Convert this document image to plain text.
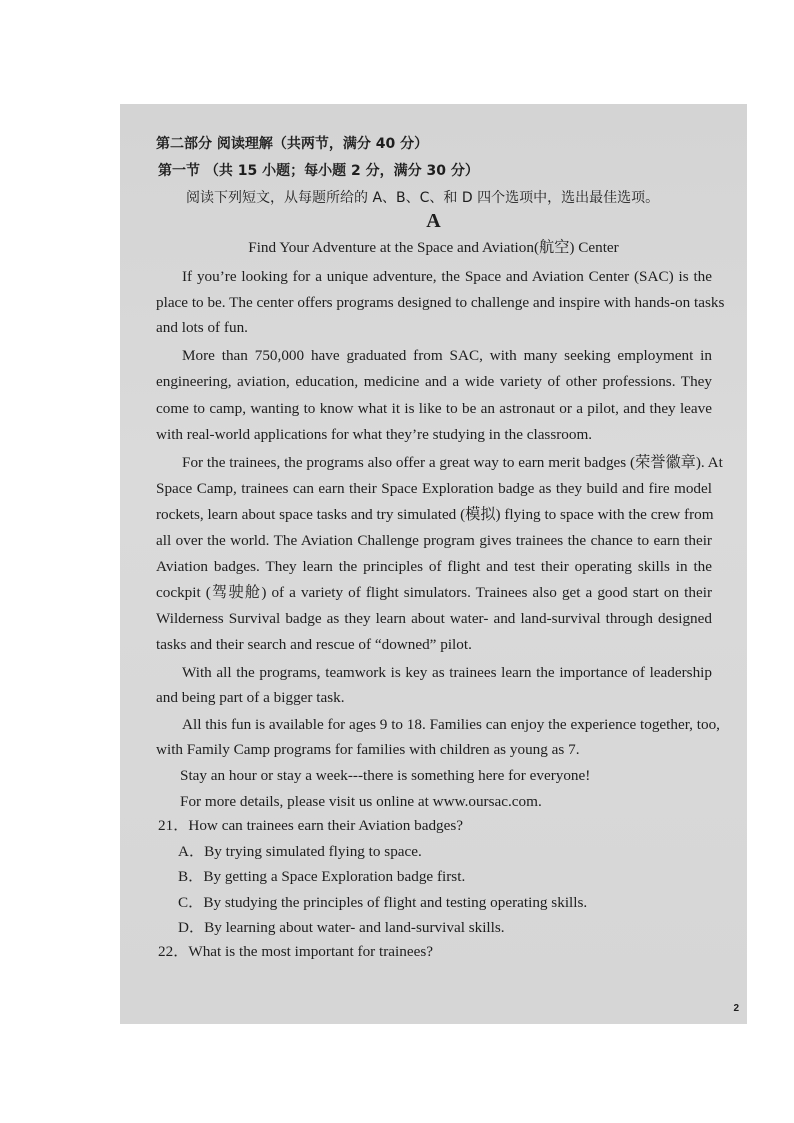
第二部分 阅读理解（共两节，满分 40 分）
第一节 （共 15 小题；每小题 2 分，满分 30 分）
阅读下列短文，从每题所给的 A、B、C、和 D 四个选项中，选出最佳选项。
A
Find Your Adventure at the Space and Aviation(航空) Center
If you’re looking for a unique adventure, the Space and Aviation Center (SAC) is the
place to be. The center offers programs designed to challenge and inspire with hands-on tasks
and lots of fun.
More than 750,000 have graduated from SAC, with many seeking employment in
engineering, aviation, education, medicine and a wide variety of other professions. They
come to camp, wanting to know what it is like to be an astronaut or a pilot, and they leave
with real-world applications for what they’re studying in the classroom.
For the trainees, the programs also offer a great way to earn merit badges (荣誉徽章). At
Space Camp, trainees can earn their Space Exploration badge as they build and fire model
rockets, learn about space tasks and try simulated (模拟) flying to space with the crew from
all over the world. The Aviation Challenge program gives trainees the chance to earn their
Aviation badges. They learn the principles of flight and test their operating skills in the
cockpit (驾驶舱) of a variety of flight simulators. Trainees also get a good start on their
Wilderness Survival badge as they learn about water- and land-survival through designed
tasks and their search and rescue of “downed” pilot.
With all the programs, teamwork is key as trainees learn the importance of leadership
and being part of a bigger task.
All this fun is available for ages 9 to 18. Families can enjoy the experience together, too,
with Family Camp programs for families with children as young as 7.
Stay an hour or stay a week---there is something here for everyone!
For more details, please visit us online at www.oursac.com.
21．How can trainees earn their Aviation badges?
A．By trying simulated flying to space.
B．By getting a Space Exploration badge first.
C．By studying the principles of flight and testing operating skills.
D．By learning about water- and land-survival skills.
22．What is the most important for trainees?
2
